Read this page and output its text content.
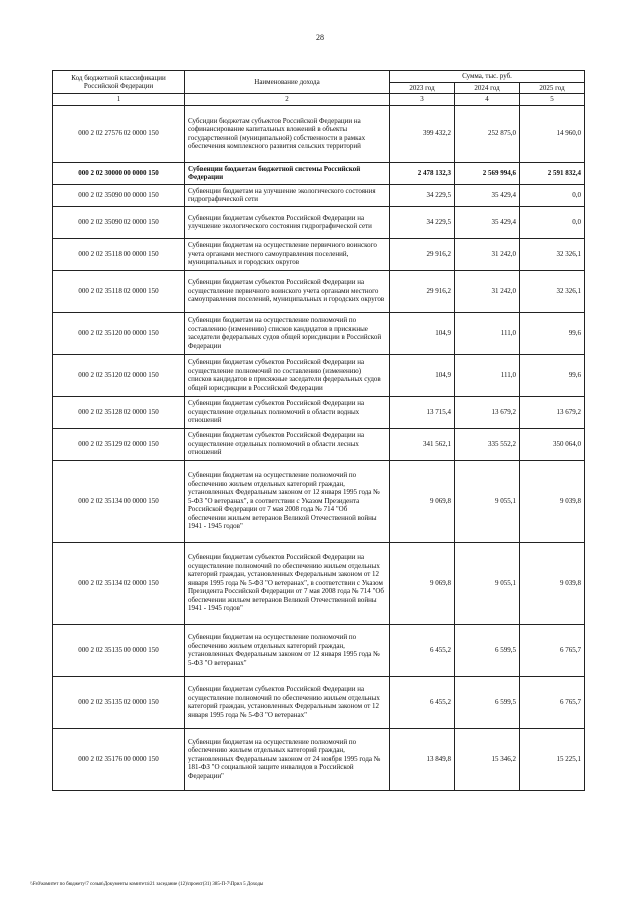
28
Код бюджетной классификации Российской Федерации	Наименование дохода	Сумма, тыс. руб.		
		2023 год	2024 год	2025 год
1	2	3	4	5
000 2 02 27576 02 0000 150	Субсидии бюджетам субъектов Российской Федерации на софинансирование капитальных вложений в объекты государственной (муниципальной) собственности в рамках обеспечения комплексного развития сельских территорий	399 432,2	252 875,0	14 960,0
000 2 02 30000 00 0000 150	Субвенции бюджетам бюджетной системы Российской Федерации	2 478 132,3	2 569 994,6	2 591 832,4
000 2 02 35090 00 0000 150	Субвенции бюджетам на улучшение экологического состояния гидрографической сети	34 229,5	35 429,4	0,0
000 2 02 35090 02 0000 150	Субвенции бюджетам субъектов Российской Федерации на улучшение экологического состояния гидрографической сети	34 229,5	35 429,4	0,0
000 2 02 35118 00 0000 150	Субвенции бюджетам на осуществление первичного воинского учета органами местного самоуправления поселений, муниципальных и городских округов	29 916,2	31 242,0	32 326,1
000 2 02 35118 02 0000 150	Субвенции бюджетам субъектов Российской Федерации на осуществление первичного воинского учета органами местного самоуправления поселений, муниципальных и городских округов	29 916,2	31 242,0	32 326,1
000 2 02 35120 00 0000 150	Субвенции бюджетам на осуществление полномочий по составлению (изменению) списков кандидатов в присяжные заседатели федеральных судов общей юрисдикции в Российской Федерации	104,9	111,0	99,6
000 2 02 35120 02 0000 150	Субвенции бюджетам субъектов Российской Федерации на осуществление полномочий по составлению (изменению) списков кандидатов в присяжные заседатели федеральных судов общей юрисдикции в Российской Федерации	104,9	111,0	99,6
000 2 02 35128 02 0000 150	Субвенции бюджетам субъектов Российской Федерации на осуществление отдельных полномочий в области водных отношений	13 715,4	13 679,2	13 679,2
000 2 02 35129 02 0000 150	Субвенции бюджетам субъектов Российской Федерации на осуществление отдельных полномочий в области лесных отношений	341 562,1	335 552,2	350 064,0
000 2 02 35134 00 0000 150	Субвенции бюджетам на осуществление полномочий по обеспечению жильем отдельных категорий граждан, установленных Федеральным законом от 12 января 1995 года № 5-ФЗ "О ветеранах", в соответствии с Указом Президента Российской Федерации от 7 мая 2008 года № 714 "Об обеспечении жильем ветеранов Великой Отечественной войны 1941 - 1945 годов"	9 069,8	9 055,1	9 039,8
000 2 02 35134 02 0000 150	Субвенции бюджетам субъектов Российской Федерации на осуществление полномочий по обеспечению жильем отдельных категорий граждан, установленных Федеральным законом от 12 января 1995 года № 5-ФЗ "О ветеранах", в соответствии с Указом Президента Российской Федерации от 7 мая 2008 года № 714 "Об обеспечении жильем ветеранов Великой Отечественной войны 1941 - 1945 годов"	9 069,8	9 055,1	9 039,8
000 2 02 35135 00 0000 150	Субвенции бюджетам на осуществление полномочий по обеспечению жильем отдельных категорий граждан, установленных Федеральным законом от 12 января 1995 года № 5-ФЗ "О ветеранах"	6 455,2	6 599,5	6 765,7
000 2 02 35135 02 0000 150	Субвенции бюджетам субъектов Российской Федерации на осуществление полномочий по обеспечению жильем отдельных категорий граждан, установленных Федеральным законом от 12 января 1995 года № 5-ФЗ "О ветеранах"	6 455,2	6 599,5	6 765,7
000 2 02 35176 00 0000 150	Субвенции бюджетам на осуществление полномочий по обеспечению жильем отдельных категорий граждан, установленных Федеральным законом от 24 ноября 1995 года № 181-ФЗ "О социальной защите инвалидов в Российской Федерации"	13 849,8	15 346,2	15 225,1
\\Fs0\комитет по бюджету\7 созыв\Документы комитета\21 заседание (12)\проект(31) 385-П-7\Прил 5 Доходы
